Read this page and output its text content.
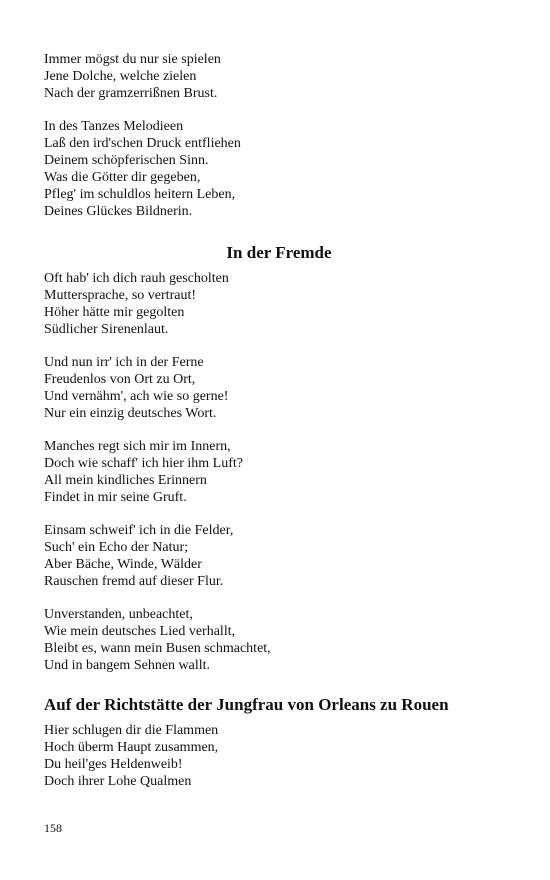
Immer mögst du nur sie spielen
Jene Dolche, welche zielen
Nach der gramzerrißnen Brust.
In des Tanzes Melodieen
Laß den ird'schen Druck entfliehen
Deinem schöpferischen Sinn.
Was die Götter dir gegeben,
Pfleg' im schuldlos heitern Leben,
Deines Glückes Bildnerin.
In der Fremde
Oft hab' ich dich rauh gescholten
Muttersprache, so vertraut!
Höher hätte mir gegolten
Südlicher Sirenenlaut.
Und nun irr' ich in der Ferne
Freudenlos von Ort zu Ort,
Und vernähm', ach wie so gerne!
Nur ein einzig deutsches Wort.
Manches regt sich mir im Innern,
Doch wie schaff' ich hier ihm Luft?
All mein kindliches Erinnern
Findet in mir seine Gruft.
Einsam schweif' ich in die Felder,
Such' ein Echo der Natur;
Aber Bäche, Winde, Wälder
Rauschen fremd auf dieser Flur.
Unverstanden, unbeachtet,
Wie mein deutsches Lied verhallt,
Bleibt es, wann mein Busen schmachtet,
Und in bangem Sehnen wallt.
Auf der Richtstätte der Jungfrau von Orleans zu Rouen
Hier schlugen dir die Flammen
Hoch überm Haupt zusammen,
Du heil'ges Heldenweib!
Doch ihrer Lohe Qualmen
158
